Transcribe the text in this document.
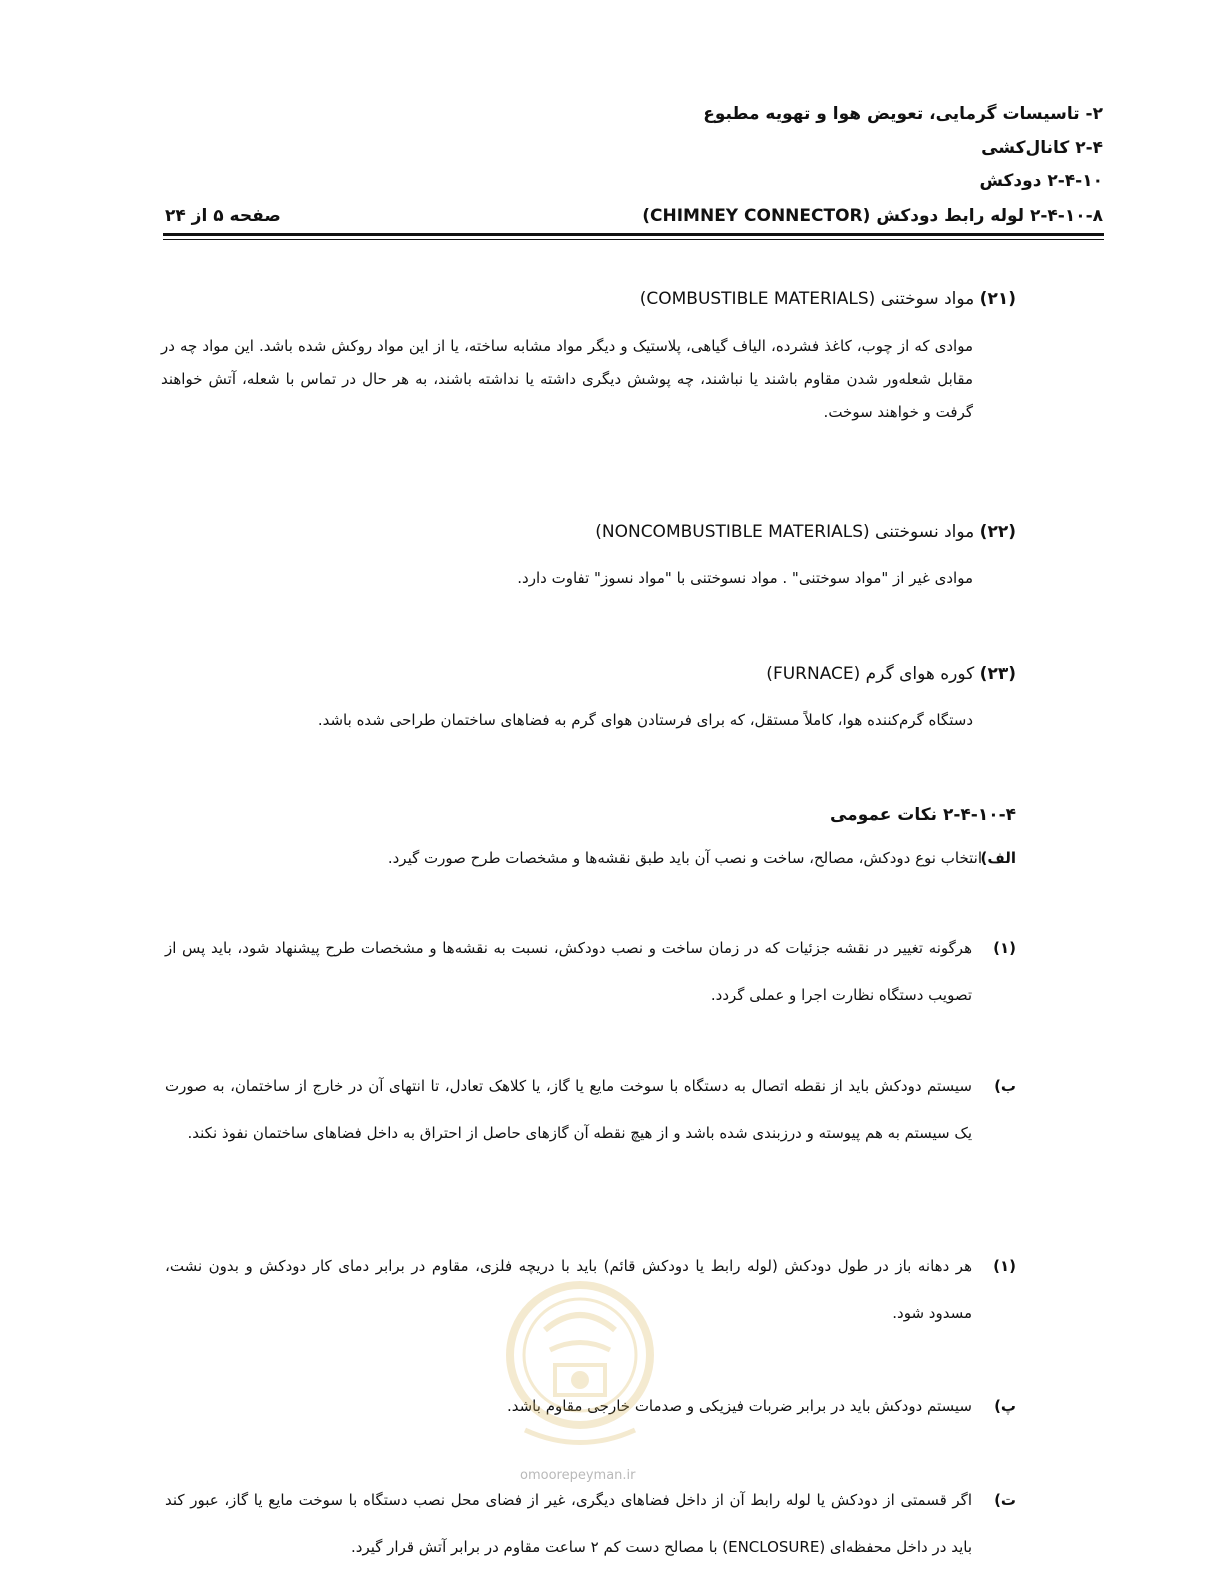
۲- تاسیسات گرمایی، تعویض هوا و تهویه مطبوع
۲-۴ کانال‌کشی
۲-۴-۱۰ دودکش
۲-۴-۱۰-۸ لوله رابط دودکش (CHIMNEY CONNECTOR)
صفحه ۵ از ۲۴
(۲۱) مواد سوختنی (COMBUSTIBLE MATERIALS)
موادی که از چوب، کاغذ فشرده، الیاف گیاهی، پلاستیک و دیگر مواد مشابه ساخته، یا از این مواد روکش شده باشد. این مواد چه در مقابل شعله‌ور شدن مقاوم باشند یا نباشند، چه پوشش دیگری داشته یا نداشته باشند، به هر حال در تماس با شعله، آتش خواهند گرفت و خواهند سوخت.
(۲۲) مواد نسوختنی (NONCOMBUSTIBLE MATERIALS)
موادی غیر از "مواد سوختنی" . مواد نسوختنی با "مواد نسوز" تفاوت دارد.
(۲۳) کوره هوای گرم (FURNACE)
دستگاه گرم‌کننده هوا، کاملاً مستقل، که برای فرستادن هوای گرم به فضاهای ساختمان طراحی شده باشد.
۲-۴-۱۰-۴ نکات عمومی
الف)
انتخاب نوع دودکش، مصالح، ساخت و نصب آن باید طبق نقشه‌ها و مشخصات طرح صورت گیرد.
(۱)
هرگونه تغییر در نقشه جزئیات که در زمان ساخت و نصب دودکش، نسبت به نقشه‌ها و مشخصات طرح پیشنهاد شود، باید پس از تصویب دستگاه نظارت اجرا و عملی گردد.
ب)
سیستم دودکش باید از نقطه اتصال به دستگاه با سوخت مایع یا گاز، یا کلاهک تعادل، تا انتهای آن در خارج از ساختمان، به صورت یک سیستم به هم پیوسته و درزبندی شده باشد و از هیچ نقطه آن گازهای حاصل از احتراق به داخل فضاهای ساختمان نفوذ نکند.
(۱)
هر دهانه باز در طول دودکش (لوله رابط یا دودکش قائم) باید با دریچه فلزی، مقاوم در برابر دمای کار دودکش و بدون نشت، مسدود شود.
پ)
سیستم دودکش باید در برابر ضربات فیزیکی و صدمات خارجی مقاوم باشد.
ت)
اگر قسمتی از دودکش یا لوله رابط آن از داخل فضاهای دیگری، غیر از فضای محل نصب دستگاه با سوخت مایع یا گاز، عبور کند باید در داخل محفظه‌ای (ENCLOSURE) با مصالح دست کم ۲ ساعت مقاوم در برابر آتش قرار گیرد.
omoorepeyman.ir
